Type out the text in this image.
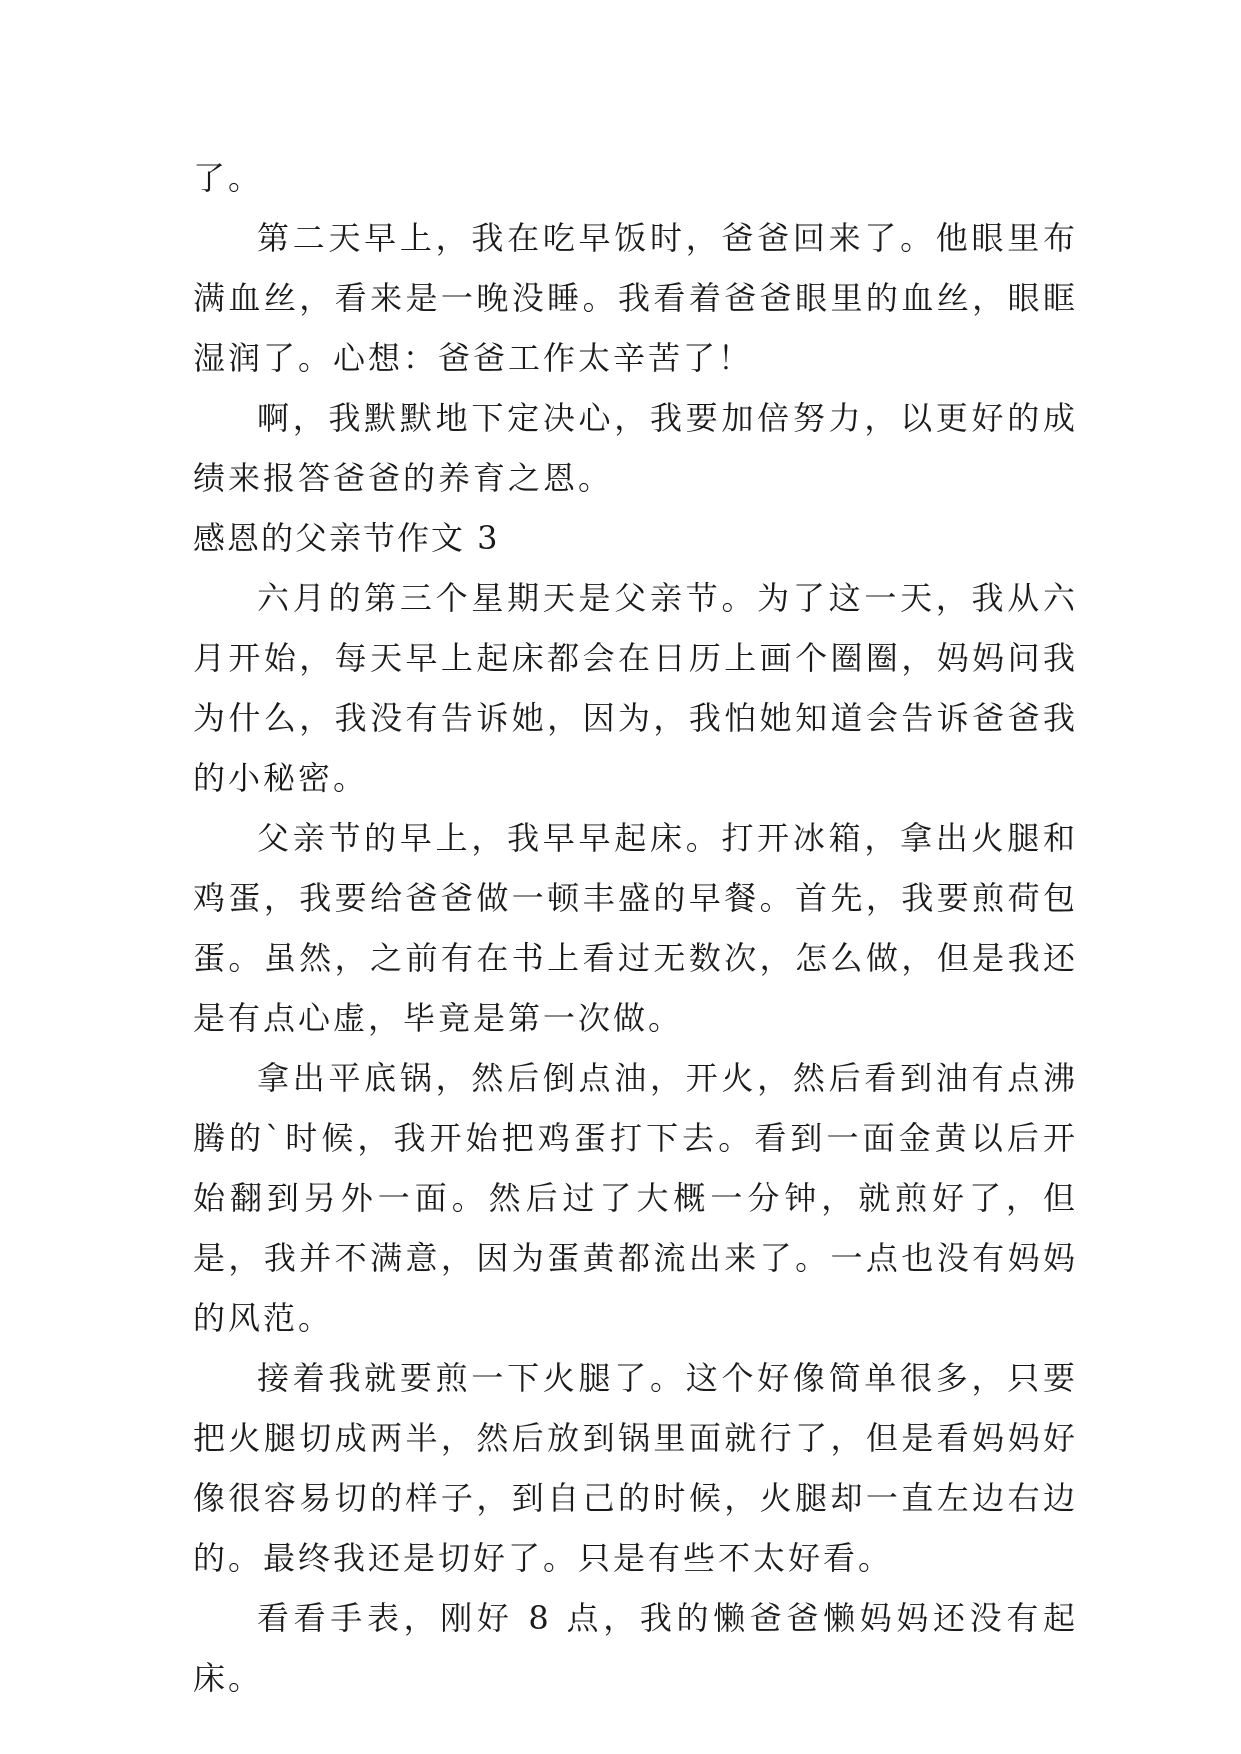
了。

第二天早上，我在吃早饭时，爸爸回来了。他眼里布满血丝，看来是一晚没睡。我看着爸爸眼里的血丝，眼眶湿润了。心想：爸爸工作太辛苦了！

啊，我默默地下定决心，我要加倍努力，以更好的成绩来报答爸爸的养育之恩。

感恩的父亲节作文 3

六月的第三个星期天是父亲节。为了这一天，我从六月开始，每天早上起床都会在日历上画个圈圈，妈妈问我为什么，我没有告诉她，因为，我怕她知道会告诉爸爸我的小秘密。

父亲节的早上，我早早起床。打开冰箱，拿出火腿和鸡蛋，我要给爸爸做一顿丰盛的早餐。首先，我要煎荷包蛋。虽然，之前有在书上看过无数次，怎么做，但是我还是有点心虚，毕竟是第一次做。

拿出平底锅，然后倒点油，开火，然后看到油有点沸腾的`时候，我开始把鸡蛋打下去。看到一面金黄以后开始翻到另外一面。然后过了大概一分钟，就煎好了，但是，我并不满意，因为蛋黄都流出来了。一点也没有妈妈的风范。

接着我就要煎一下火腿了。这个好像简单很多，只要把火腿切成两半，然后放到锅里面就行了，但是看妈妈好像很容易切的样子，到自己的时候，火腿却一直左边右边的。最终我还是切好了。只是有些不太好看。

看看手表，刚好 8 点，我的懒爸爸懒妈妈还没有起床。
